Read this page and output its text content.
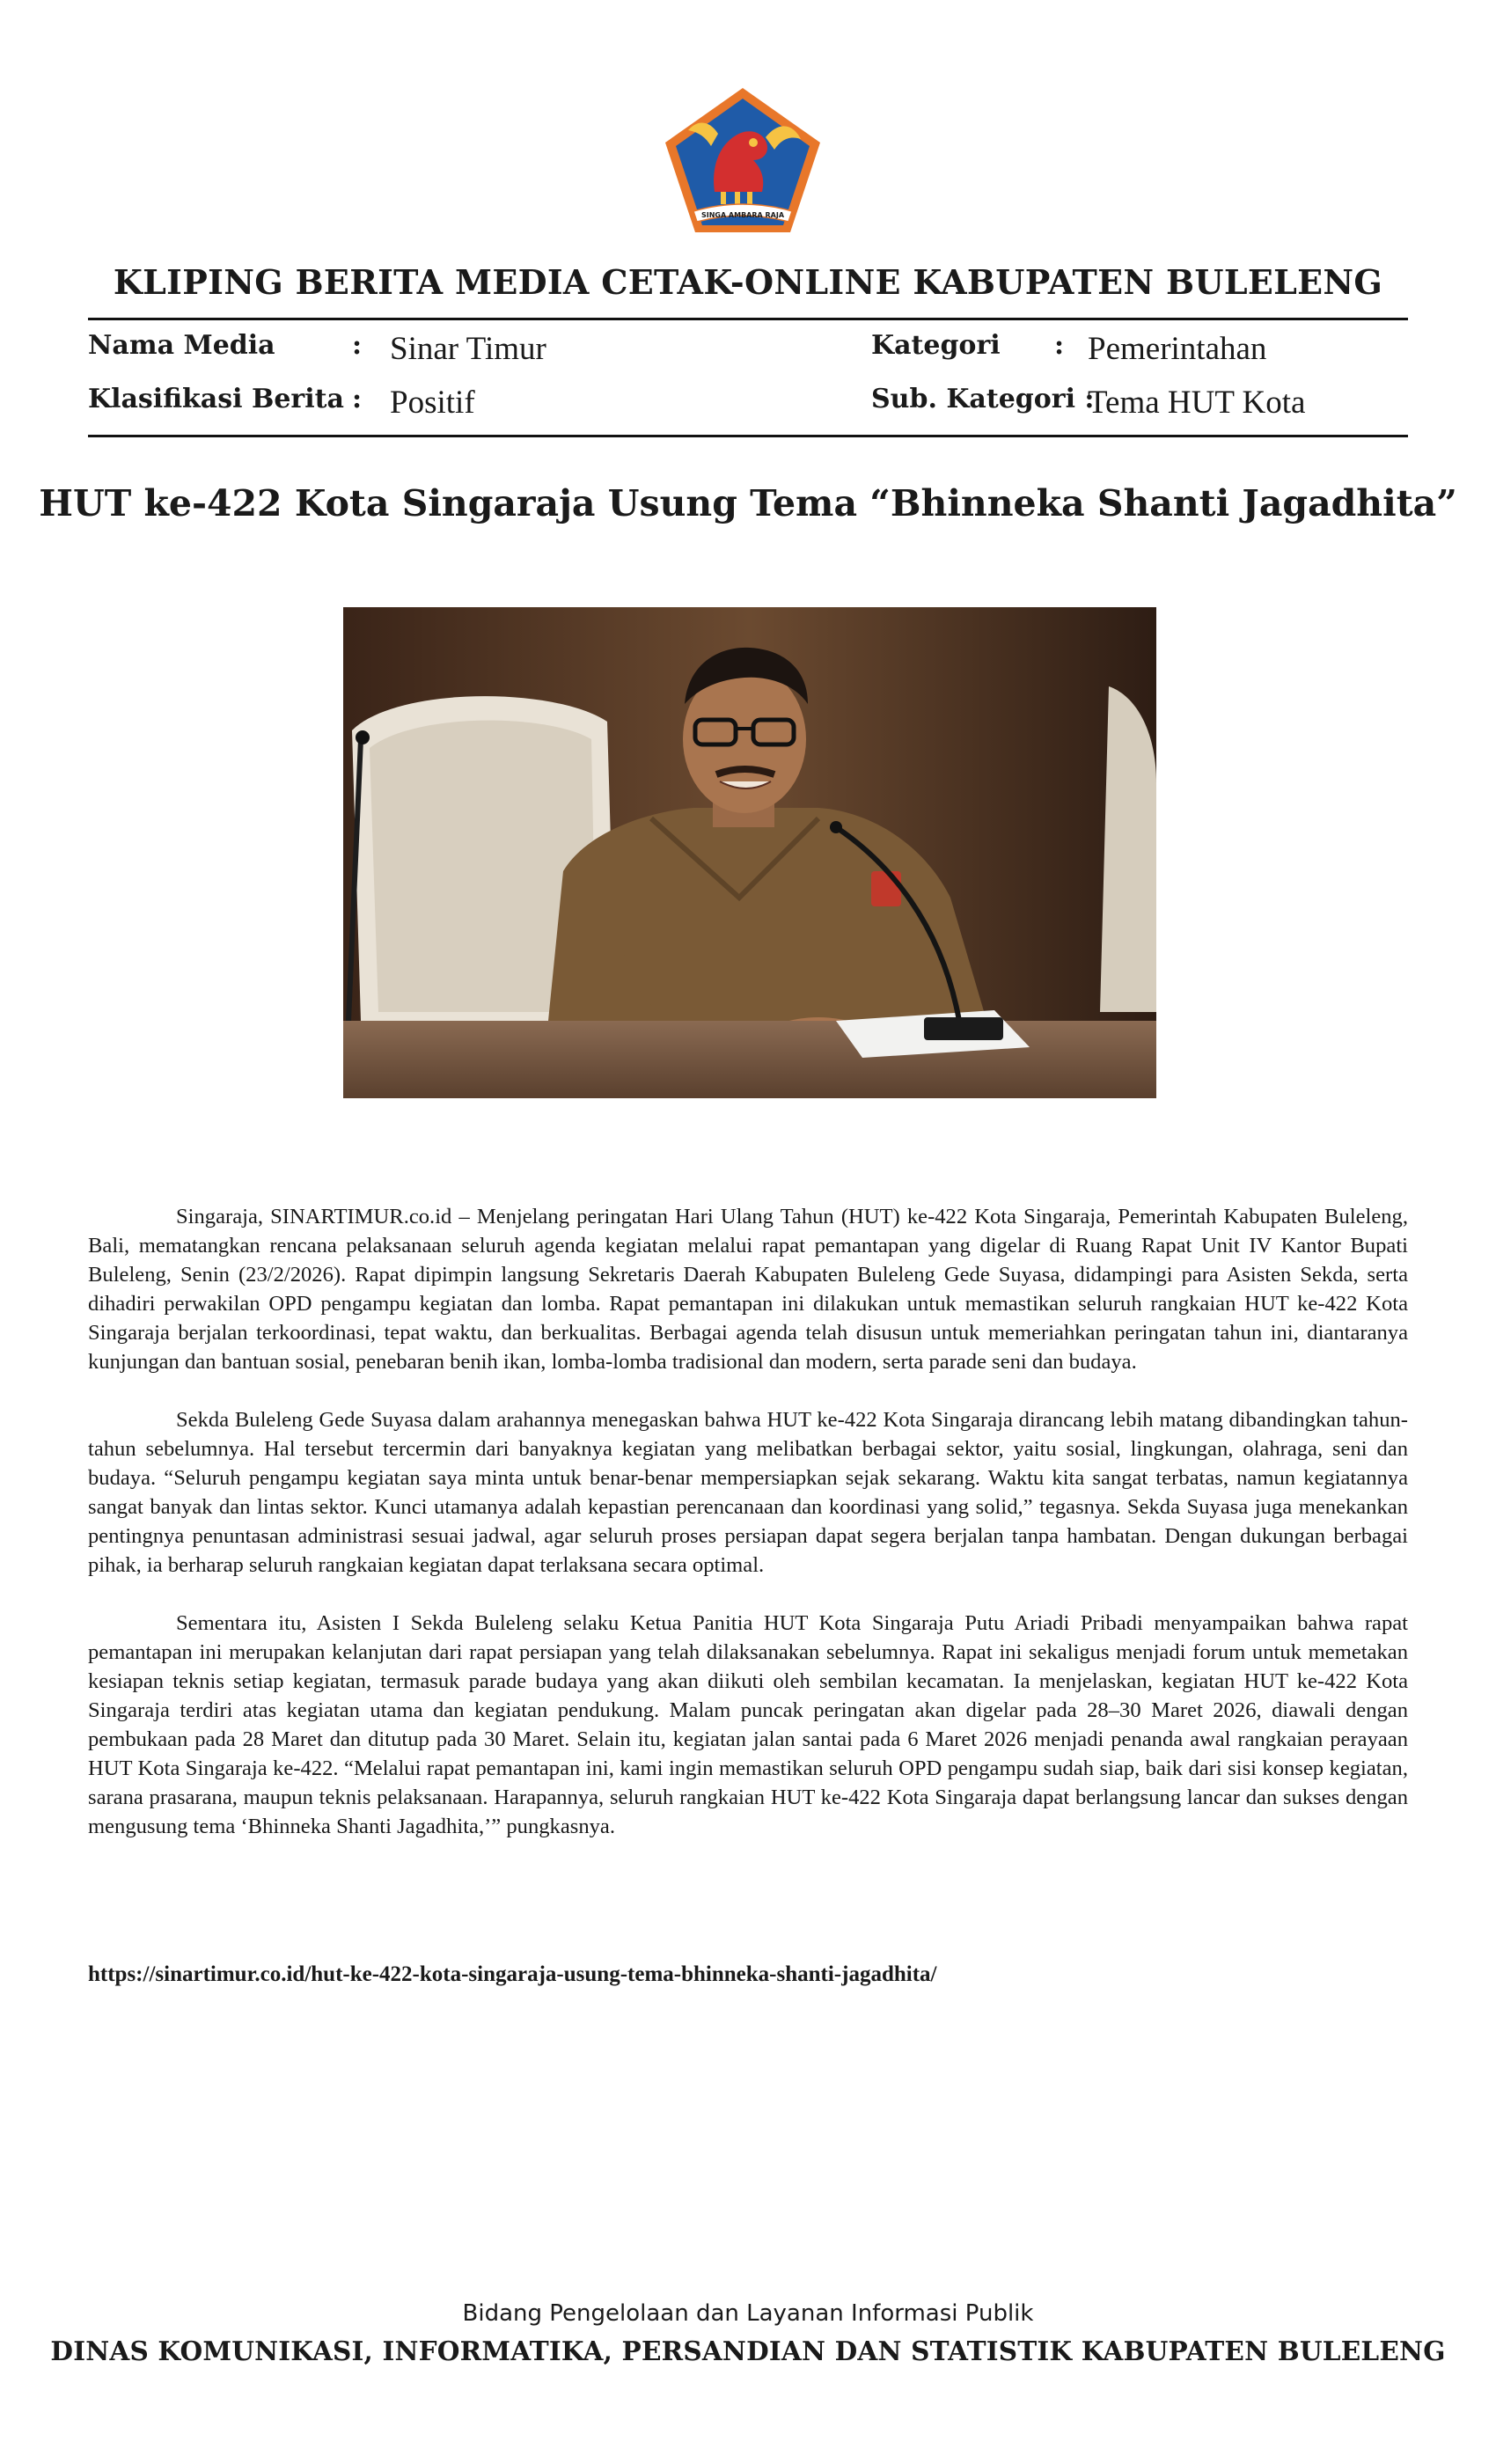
SINGA AMBARA RAJA
KLIPING BERITA MEDIA CETAK-ONLINE KABUPATEN BULELENG
Nama Media	: Sinar Timur
Klasifikasi Berita : Positif
Kategori : Pemerintahan
Sub. Kategori :
Tema HUT Kota
HUT ke-422 Kota Singaraja Usung Tema “Bhinneka Shanti Jagadhita”

Singaraja, SINARTIMUR.co.id – Menjelang peringatan Hari Ulang Tahun (HUT) ke-422 Kota Singaraja, Pemerintah Kabupaten Buleleng, Bali, mematangkan rencana pelaksanaan seluruh agenda kegiatan melalui rapat pemantapan yang digelar di Ruang Rapat Unit IV Kantor Bupati Buleleng, Senin (23/2/2026). Rapat dipimpin langsung Sekretaris Daerah Kabupaten Buleleng Gede Suyasa, didampingi para Asisten Sekda, serta dihadiri perwakilan OPD pengampu kegiatan dan lomba. Rapat pemantapan ini dilakukan untuk memastikan seluruh rangkaian HUT ke-422 Kota Singaraja berjalan terkoordinasi, tepat waktu, dan berkualitas. Berbagai agenda telah disusun untuk memeriahkan peringatan tahun ini, diantaranya kunjungan dan bantuan sosial, penebaran benih ikan, lomba-lomba tradisional dan modern, serta parade seni dan budaya.

Sekda Buleleng Gede Suyasa dalam arahannya menegaskan bahwa HUT ke-422 Kota Singaraja dirancang lebih matang dibandingkan tahun-tahun sebelumnya. Hal tersebut tercermin dari banyaknya kegiatan yang melibatkan berbagai sektor, yaitu sosial, lingkungan, olahraga, seni dan budaya. “Seluruh pengampu kegiatan saya minta untuk benar-benar mempersiapkan sejak sekarang. Waktu kita sangat terbatas, namun kegiatannya sangat banyak dan lintas sektor. Kunci utamanya adalah kepastian perencanaan dan koordinasi yang solid,” tegasnya. Sekda Suyasa juga menekankan pentingnya penuntasan administrasi sesuai jadwal, agar seluruh proses persiapan dapat segera berjalan tanpa hambatan. Dengan dukungan berbagai pihak, ia berharap seluruh rangkaian kegiatan dapat terlaksana secara optimal.

Sementara itu, Asisten I Sekda Buleleng selaku Ketua Panitia HUT Kota Singaraja Putu Ariadi Pribadi menyampaikan bahwa rapat pemantapan ini merupakan kelanjutan dari rapat persiapan yang telah dilaksanakan sebelumnya. Rapat ini sekaligus menjadi forum untuk memetakan kesiapan teknis setiap kegiatan, termasuk parade budaya yang akan diikuti oleh sembilan kecamatan. Ia menjelaskan, kegiatan HUT ke-422 Kota Singaraja terdiri atas kegiatan utama dan kegiatan pendukung. Malam puncak peringatan akan digelar pada 28–30 Maret 2026, diawali dengan pembukaan pada 28 Maret dan ditutup pada 30 Maret. Selain itu, kegiatan jalan santai pada 6 Maret 2026 menjadi penanda awal rangkaian perayaan HUT Kota Singaraja ke-422. “Melalui rapat pemantapan ini, kami ingin memastikan seluruh OPD pengampu sudah siap, baik dari sisi konsep kegiatan, sarana prasarana, maupun teknis pelaksanaan. Harapannya, seluruh rangkaian HUT ke-422 Kota Singaraja dapat berlangsung lancar dan sukses dengan mengusung tema ‘Bhinneka Shanti Jagadhita,’” pungkasnya.

https://sinartimur.co.id/hut-ke-422-kota-singaraja-usung-tema-bhinneka-shanti-jagadhita/
Bidang Pengelolaan dan Layanan Informasi Publik
DINAS KOMUNIKASI, INFORMATIKA, PERSANDIAN DAN STATISTIK KABUPATEN BULELENG
